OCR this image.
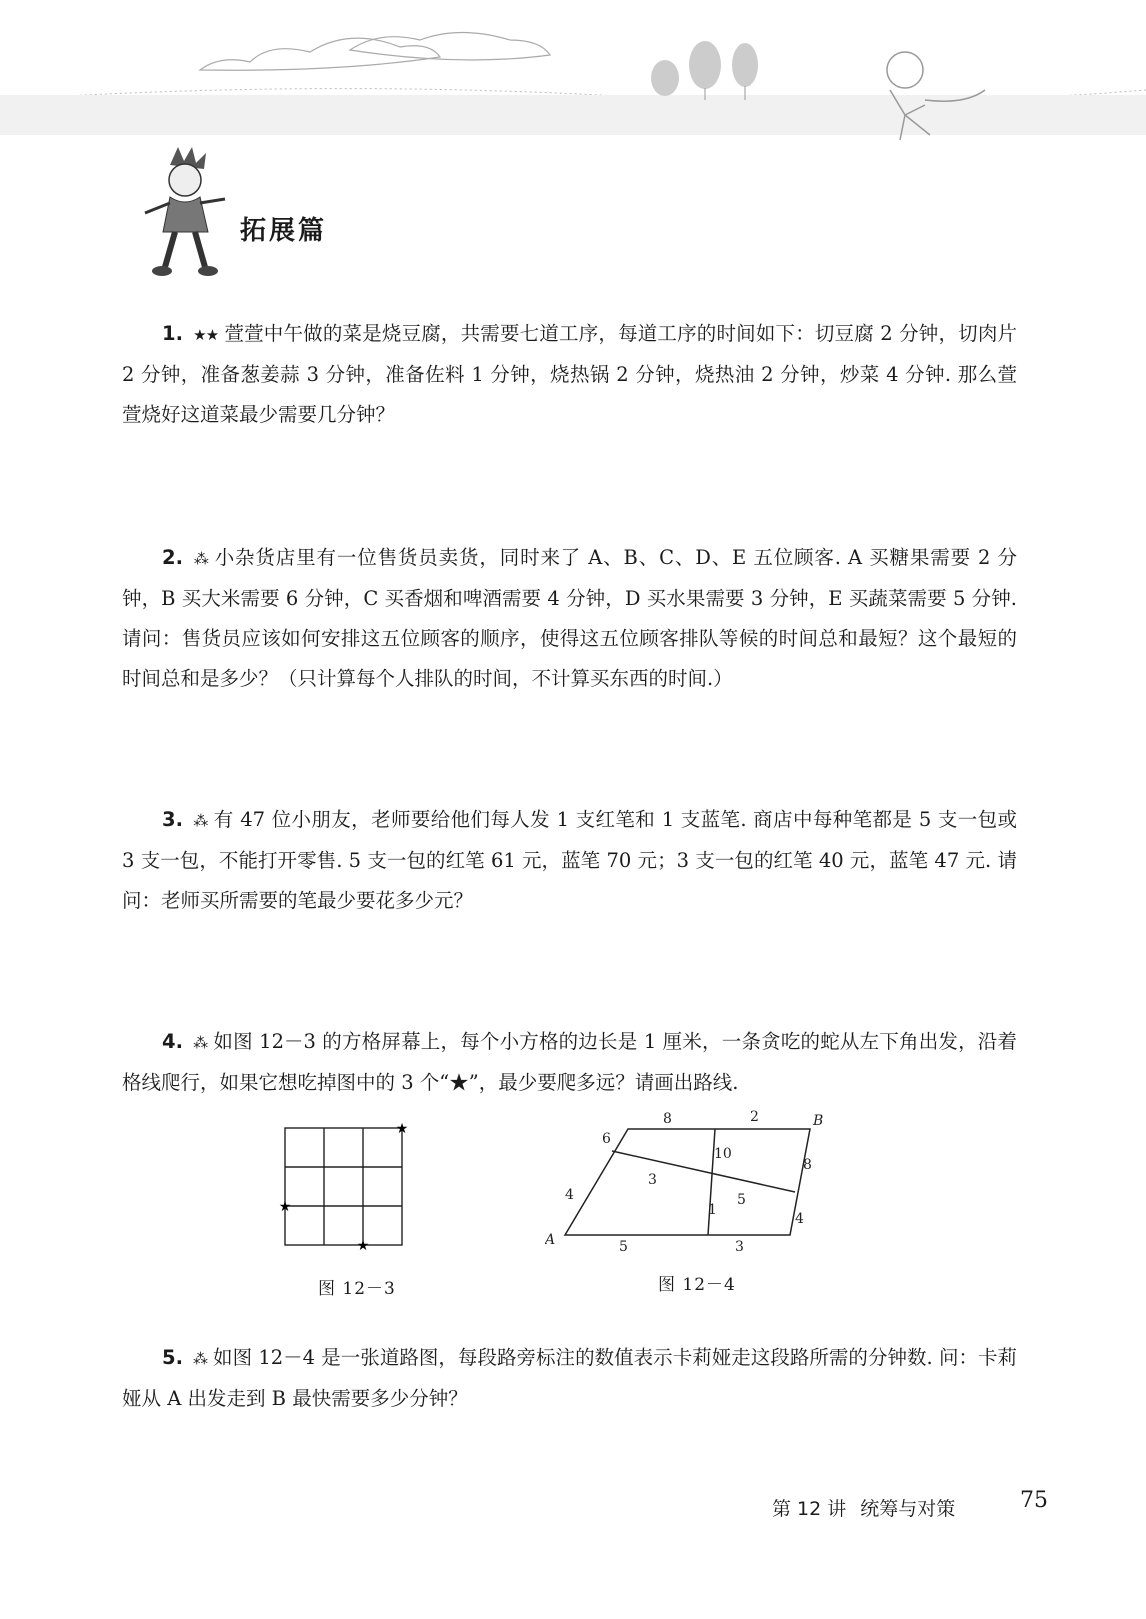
拓展篇
1. ★★ 萱萱中午做的菜是烧豆腐，共需要七道工序，每道工序的时间如下：切豆腐 2 分钟，切肉片 2 分钟，准备葱姜蒜 3 分钟，准备佐料 1 分钟，烧热锅 2 分钟，烧热油 2 分钟，炒菜 4 分钟. 那么萱萱烧好这道菜最少需要几分钟？
2. ⁂ 小杂货店里有一位售货员卖货，同时来了 A、B、C、D、E 五位顾客. A 买糖果需要 2 分钟，B 买大米需要 6 分钟，C 买香烟和啤酒需要 4 分钟，D 买水果需要 3 分钟，E 买蔬菜需要 5 分钟. 请问：售货员应该如何安排这五位顾客的顺序，使得这五位顾客排队等候的时间总和最短？这个最短的时间总和是多少？（只计算每个人排队的时间，不计算买东西的时间.）
3. ⁂ 有 47 位小朋友，老师要给他们每人发 1 支红笔和 1 支蓝笔. 商店中每种笔都是 5 支一包或 3 支一包，不能打开零售. 5 支一包的红笔 61 元，蓝笔 70 元；3 支一包的红笔 40 元，蓝笔 47 元. 请问：老师买所需要的笔最少要花多少元？
4. ⁂ 如图 12－3 的方格屏幕上，每个小方格的边长是 1 厘米，一条贪吃的蛇从左下角出发，沿着格线爬行，如果它想吃掉图中的 3 个“★”，最少要爬多远？请画出路线.
★
★
★
图 12－3
8	2	B
6
4
8
4
10
3
5
1
A	5	3
图 12－4
5. ⁂ 如图 12－4 是一张道路图，每段路旁标注的数值表示卡莉娅走这段路所需的分钟数. 问：卡莉娅从 A 出发走到 B 最快需要多少分钟？
第 12 讲 统筹与对策	75
